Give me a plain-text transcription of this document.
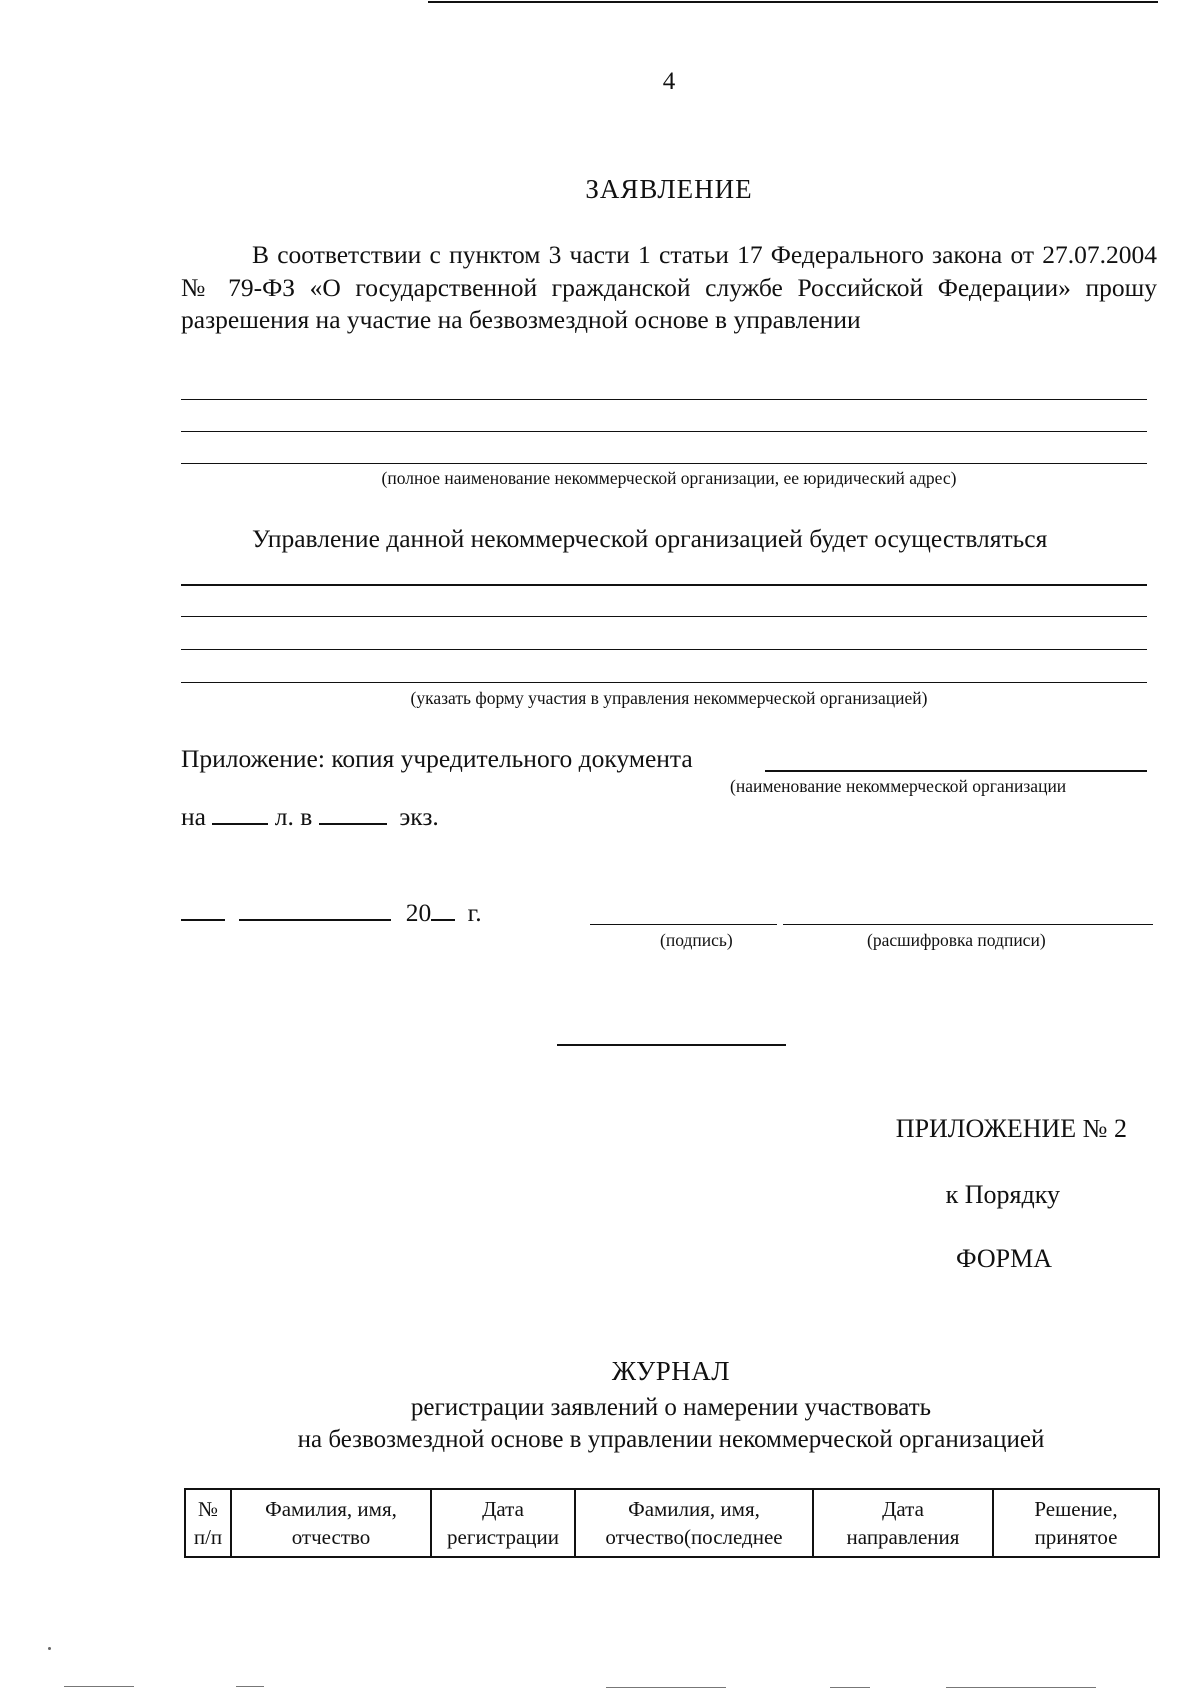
4
ЗАЯВЛЕНИЕ
В соответствии с пунктом 3 части 1 статьи 17 Федерального закона от 27.07.2004 № 79-ФЗ «О государственной гражданской службе Российской Федерации» прошу разрешения на участие на безвозмездной основе в управлении
(полное наименование некоммерческой организации, ее юридический адрес)
Управление данной некоммерческой организацией будет осуществляться
(указать форму участия в управления некоммерческой организацией)
Приложение: копия учредительного документа
(наименование некоммерческой организации
на	л. в	экз.
20 г.
(подпись)	(расшифровка подписи)
ПРИЛОЖЕНИЕ № 2
к Порядку
ФОРМА
ЖУРНАЛ
регистрации заявлений о намерении участвовать
на безвозмездной основе в управлении некоммерческой организацией
№
п/п

Фамилия, имя,
отчество

Дата
регистрации

Фамилия, имя,
отчество(последнее

Дата
направления

Решение,
принятое
